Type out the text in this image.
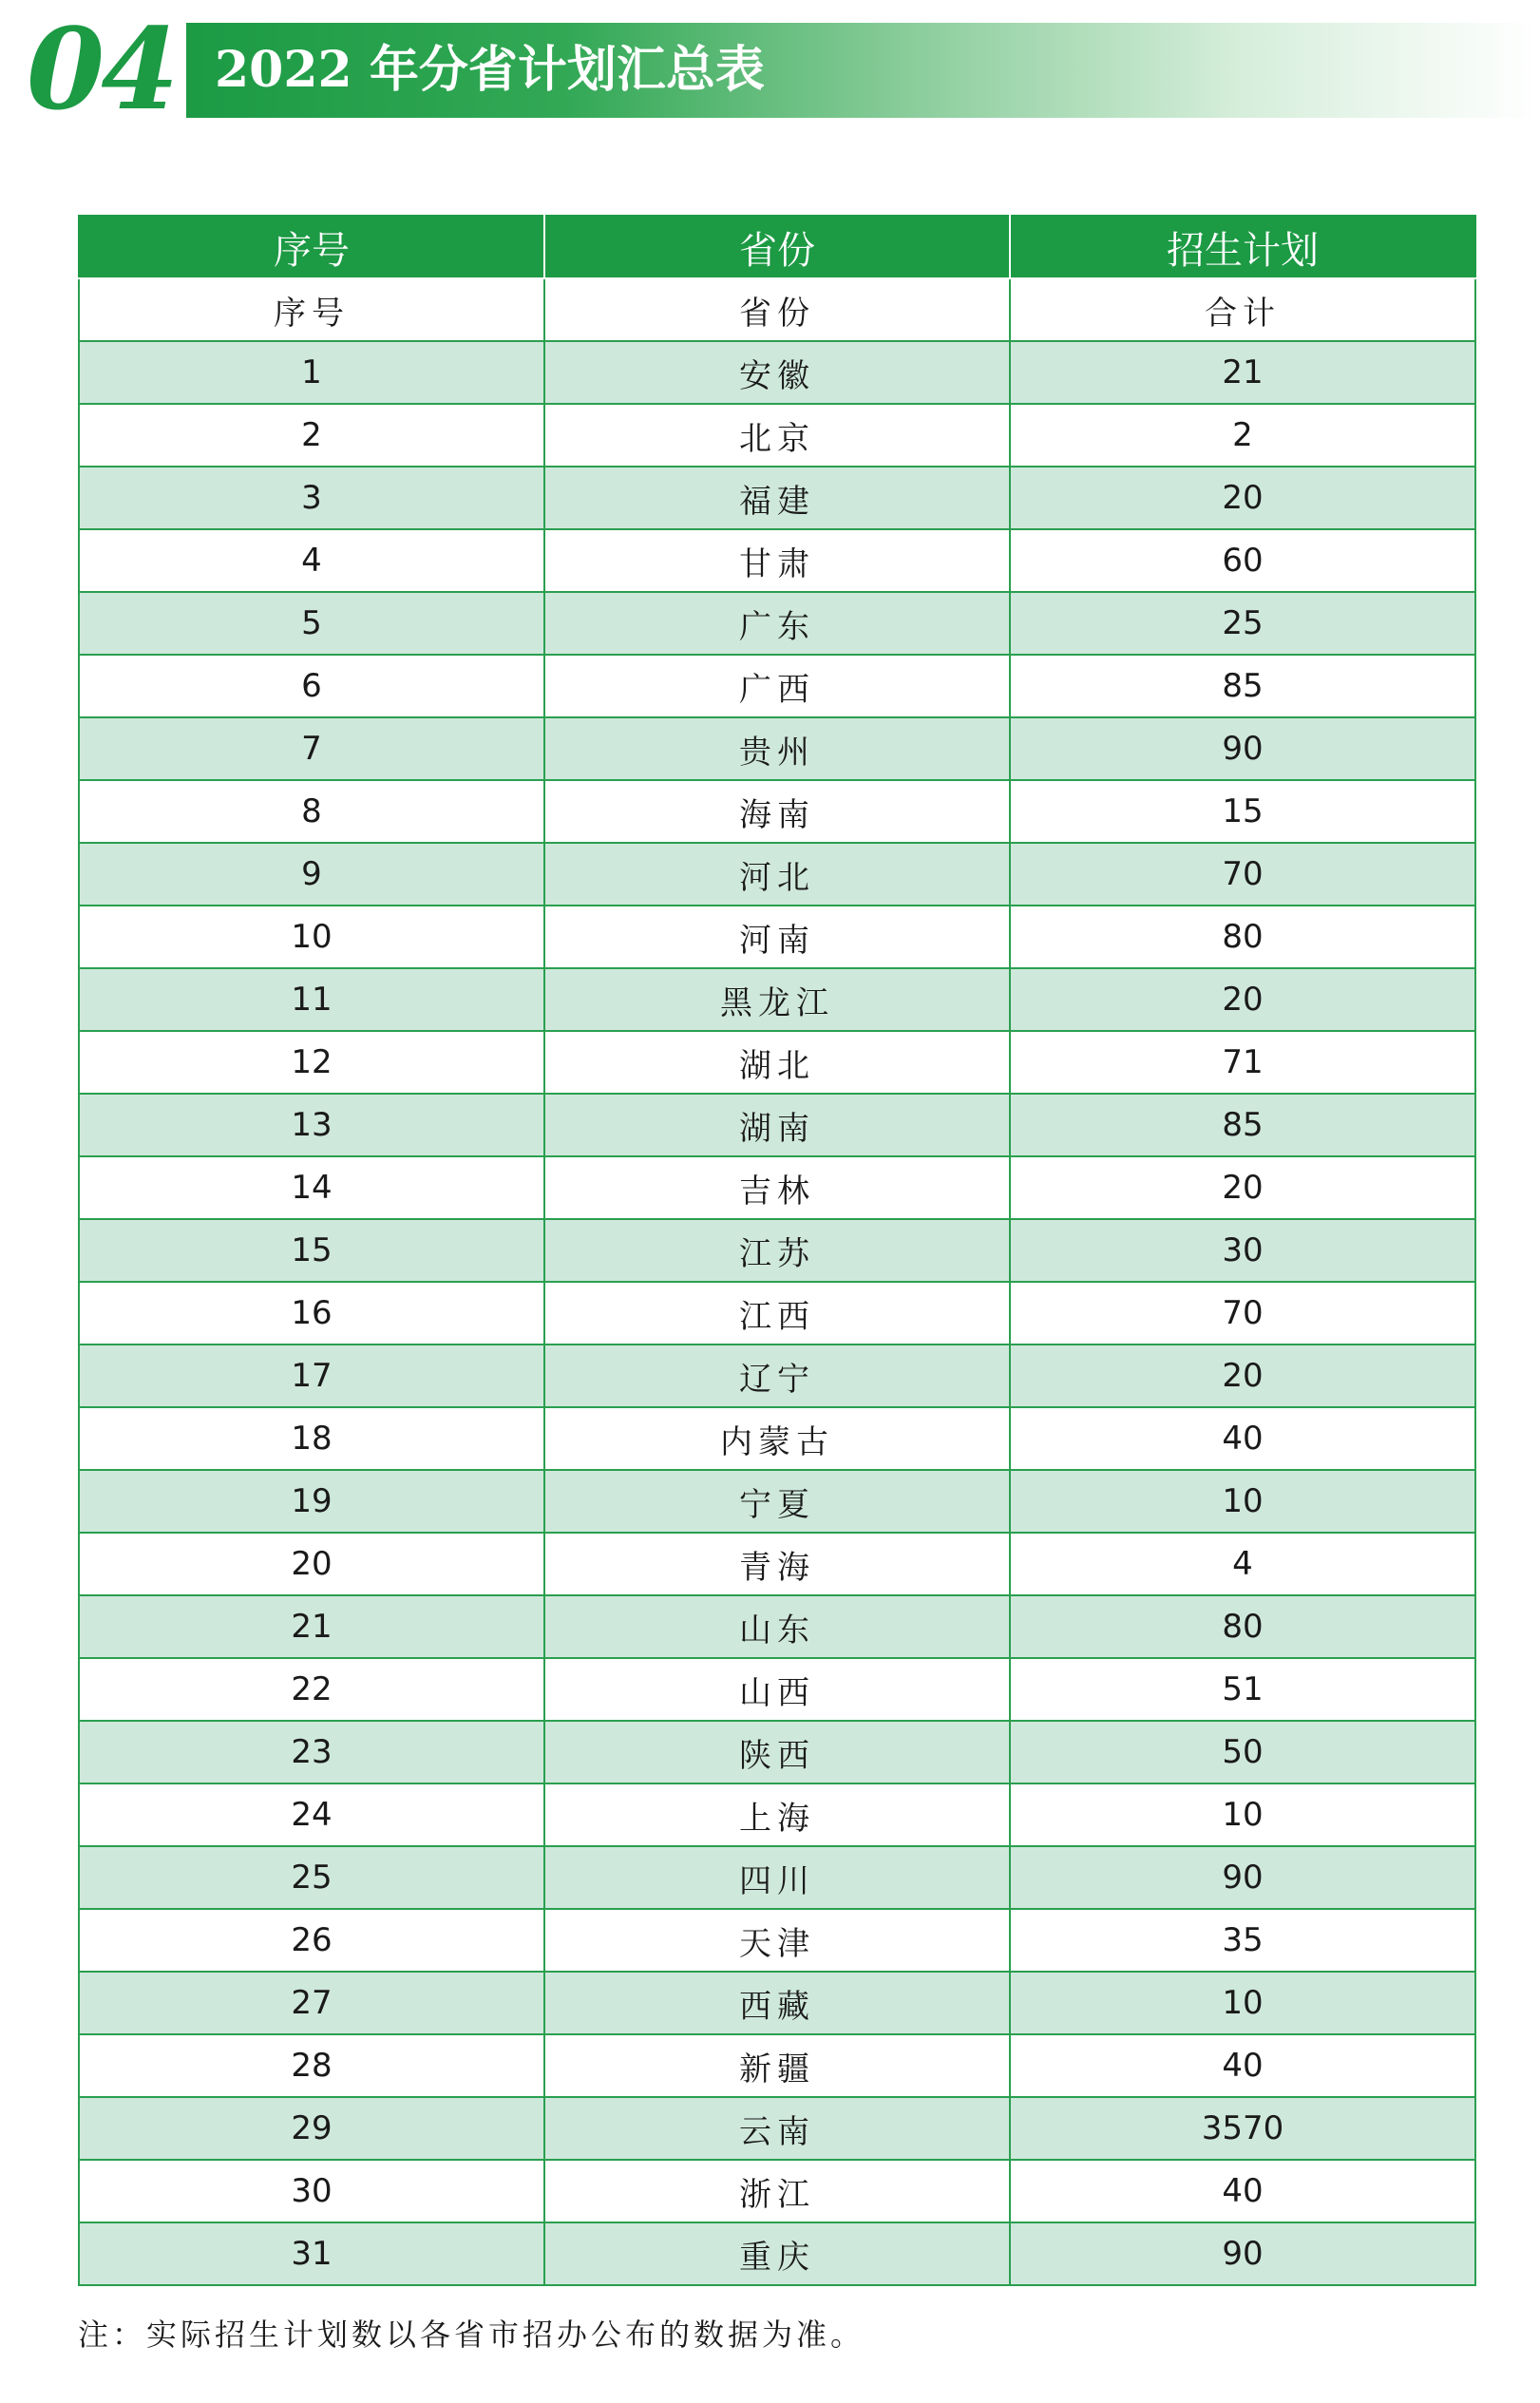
04 2022 年分省计划汇总表
序号	省份	招生计划
序号	省份	合计
1	安徽	21
2	北京	2
3	福建	20
4	甘肃	60
5	广东	25
6	广西	85
7	贵州	90
8	海南	15
9	河北	70
10	河南	80
11	黑龙江	20
12	湖北	71
13	湖南	85
14	吉林	20
15	江苏	30
16	江西	70
17	辽宁	20
18	内蒙古	40
19	宁夏	10
20	青海	4
21	山东	80
22	山西	51
23	陕西	50
24	上海	10
25	四川	90
26	天津	35
27	西藏	10
28	新疆	40
29	云南	3570
30	浙江	40
31	重庆	90
注：实际招生计划数以各省市招办公布的数据为准。
